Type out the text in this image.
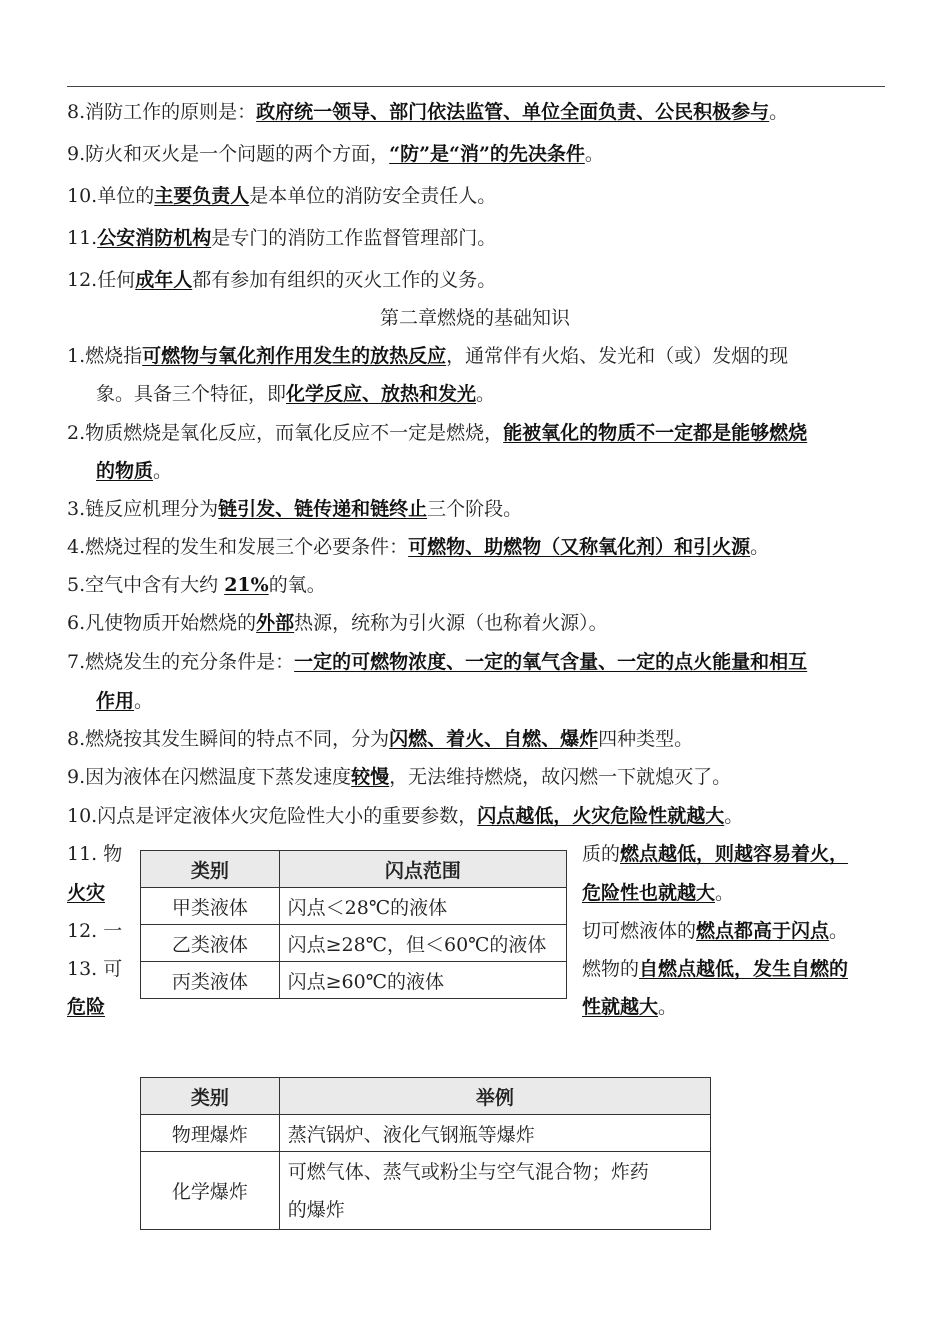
8.消防工作的原则是：政府统一领导、部门依法监管、单位全面负责、公民积极参与。
9.防火和灭火是一个问题的两个方面，“防”是“消”的先决条件。
10.单位的主要负责人是本单位的消防安全责任人。
11.公安消防机构是专门的消防工作监督管理部门。
12.任何成年人都有参加有组织的灭火工作的义务。
第二章燃烧的基础知识
1.燃烧指可燃物与氧化剂作用发生的放热反应，通常伴有火焰、发光和（或）发烟的现
象。具备三个特征，即化学反应、放热和发光。
2.物质燃烧是氧化反应，而氧化反应不一定是燃烧，能被氧化的物质不一定都是能够燃烧
的物质。
3.链反应机理分为链引发、链传递和链终止三个阶段。
4.燃烧过程的发生和发展三个必要条件：可燃物、助燃物（又称氧化剂）和引火源。
5.空气中含有大约 21%的氧。
6.凡使物质开始燃烧的外部热源，统称为引火源（也称着火源）。
7.燃烧发生的充分条件是：一定的可燃物浓度、一定的氧气含量、一定的点火能量和相互
作用。
8.燃烧按其发生瞬间的特点不同，分为闪燃、着火、自燃、爆炸四种类型。
9.因为液体在闪燃温度下蒸发速度较慢，无法维持燃烧，故闪燃一下就熄灭了。
10.闪点是评定液体火灾危险性大小的重要参数，闪点越低，火灾危险性就越大。
11. 物
火灾
12. 一
13. 可
危险
类别	闪点范围
甲类液体	闪点＜28℃的液体
乙类液体	闪点≥28℃，但＜60℃的液体
丙类液体	闪点≥60℃的液体
质的燃点越低，则越容易着火，
危险性也就越大。
切可燃液体的燃点都高于闪点。
燃物的自燃点越低，发生自燃的
性就越大。
类别	举例
物理爆炸	蒸汽锅炉、液化气钢瓶等爆炸
化学爆炸	可燃气体、蒸气或粉尘与空气混合物；炸药
的爆炸
